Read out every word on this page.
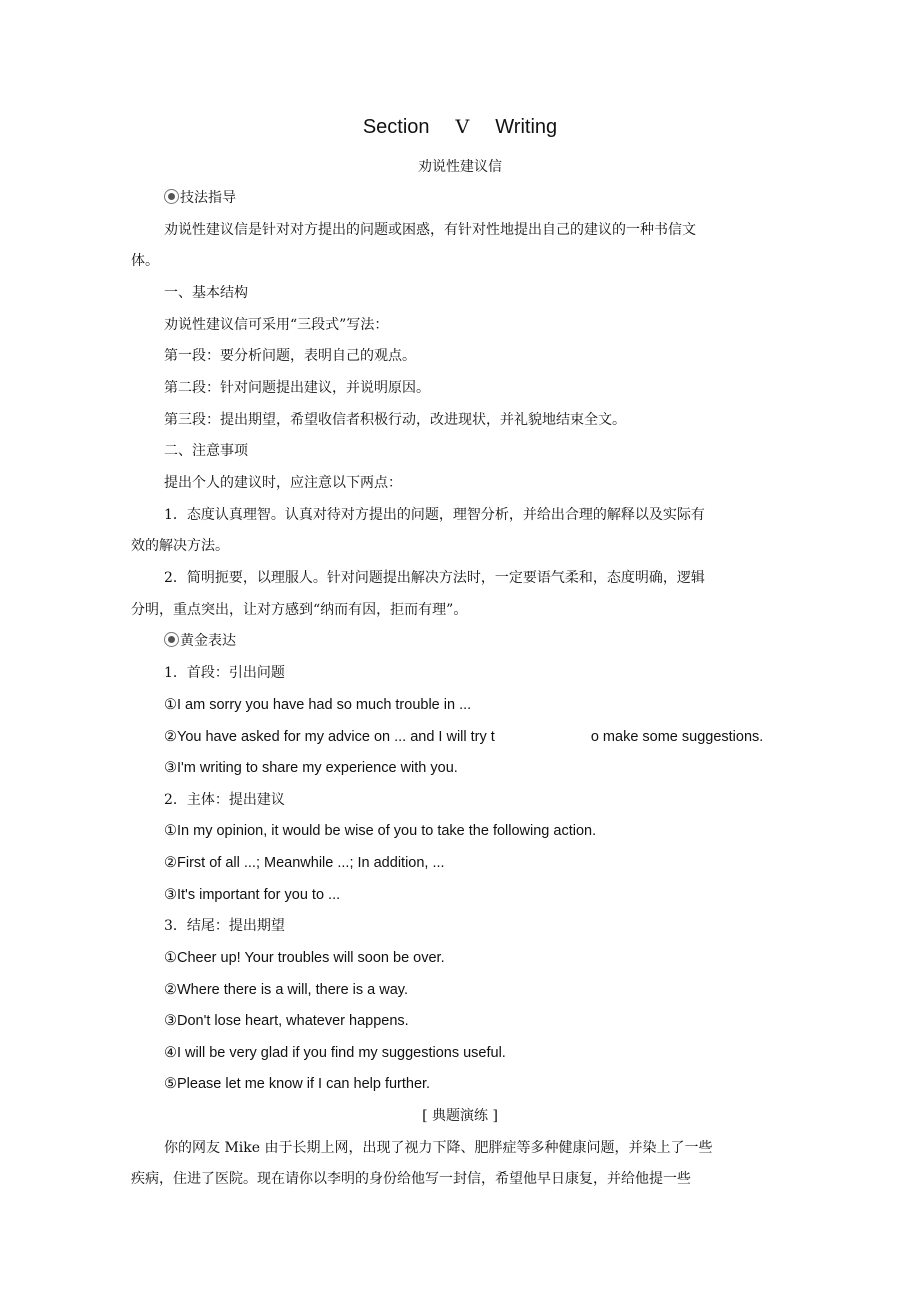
Section Ⅴ Writing
劝说性建议信
技法指导
劝说性建议信是针对对方提出的问题或困惑，有针对性地提出自己的建议的一种书信文
体。
一、基本结构
劝说性建议信可采用“三段式”写法：
第一段：要分析问题，表明自己的观点。
第二段：针对问题提出建议，并说明原因。
第三段：提出期望，希望收信者积极行动，改进现状，并礼貌地结束全文。
二、注意事项
提出个人的建议时，应注意以下两点：
1．态度认真理智。认真对待对方提出的问题，理智分析，并给出合理的解释以及实际有
效的解决方法。
2．简明扼要，以理服人。针对问题提出解决方法时，一定要语气柔和，态度明确，逻辑
分明，重点突出，让对方感到“纳而有因，拒而有理”。
黄金表达
1．首段：引出问题
①I am sorry you have had so much trouble in ...
②You have asked for my advice on ... and I will try t	o make some suggestions.
③I'm writing to share my experience with you.
2．主体：提出建议
①In my opinion, it would be wise of you to take the following action.
②First of all ...; Meanwhile ...; In addition, ...
③It's important for you to ...
3．结尾：提出期望
①Cheer up! Your troubles will soon be over.
②Where there is a will, there is a way.
③Don't lose heart, whatever happens.
④I will be very glad if you find my suggestions useful.
⑤Please let me know if I can help further.
[ 典题演练 ]
你的网友 Mike 由于长期上网，出现了视力下降、肥胖症等多种健康问题，并染上了一些
疾病，住进了医院。现在请你以李明的身份给他写一封信，希望他早日康复，并给他提一些
